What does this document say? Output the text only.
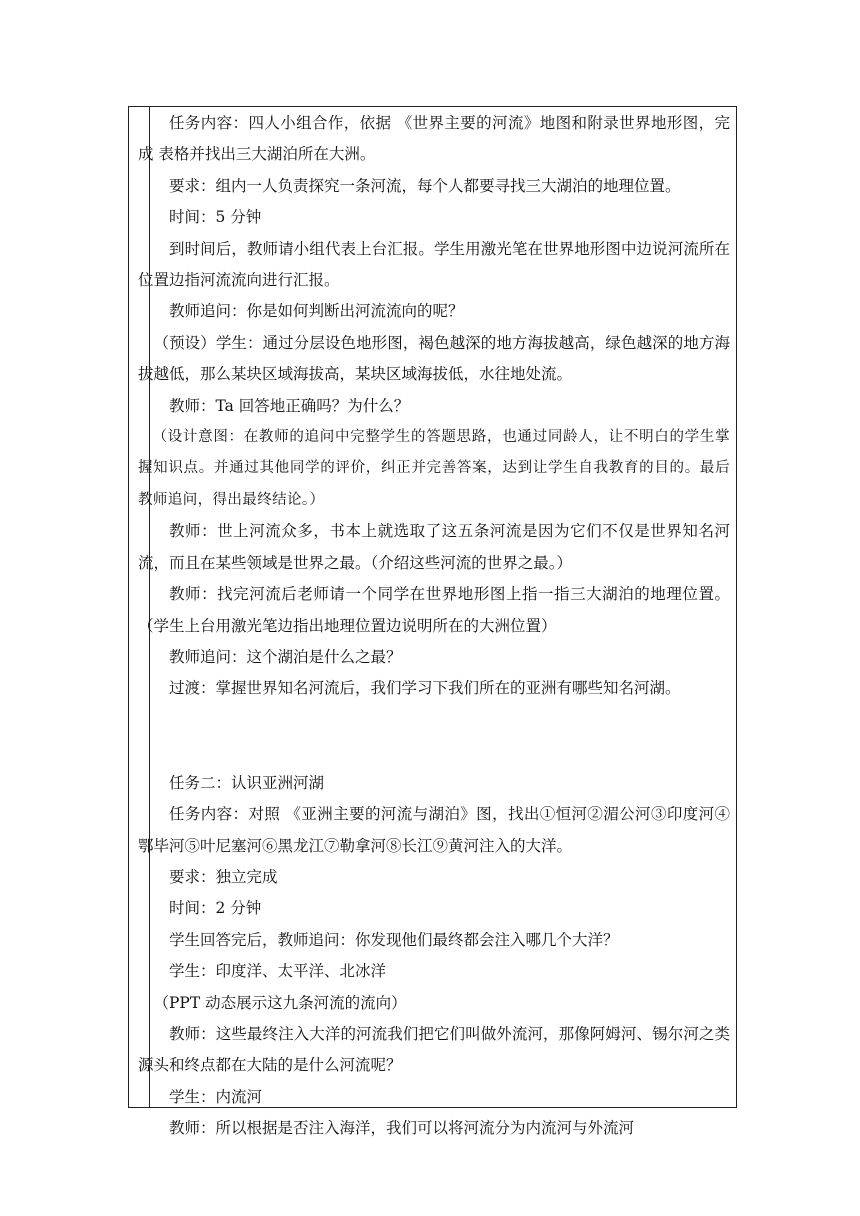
任务内容：四人小组合作，依据 《世界主要的河流》地图和附录世界地形图，完成 表格并找出三大湖泊所在大洲。

要求：组内一人负责探究一条河流，每个人都要寻找三大湖泊的地理位置。

时间：5 分钟

到时间后，教师请小组代表上台汇报。学生用激光笔在世界地形图中边说河流所在位置边指河流流向进行汇报。

教师追问：你是如何判断出河流流向的呢？

（预设）学生：通过分层设色地形图，褐色越深的地方海拔越高，绿色越深的地方海拔越低，那么某块区域海拔高，某块区域海拔低，水往地处流。

教师：Ta 回答地正确吗？为什么？

（设计意图：在教师的追问中完整学生的答题思路，也通过同龄人，让不明白的学生掌握知识点。并通过其他同学的评价，纠正并完善答案，达到让学生自我教育的目的。最后教师追问，得出最终结论。）

教师：世上河流众多，书本上就选取了这五条河流是因为它们不仅是世界知名河流，而且在某些领域是世界之最。（介绍这些河流的世界之最。）

教师：找完河流后老师请一个同学在世界地形图上指一指三大湖泊的地理位置。（学生上台用激光笔边指出地理位置边说明所在的大洲位置）

教师追问：这个湖泊是什么之最？

过渡：掌握世界知名河流后，我们学习下我们所在的亚洲有哪些知名河湖。

任务二：认识亚洲河湖

任务内容：对照 《亚洲主要的河流与湖泊》图，找出①恒河②湄公河③印度河④鄂毕河⑤叶尼塞河⑥黑龙江⑦勒拿河⑧长江⑨黄河注入的大洋。

要求：独立完成

时间：2 分钟

学生回答完后，教师追问：你发现他们最终都会注入哪几个大洋？

学生：印度洋、太平洋、北冰洋

（PPT 动态展示这九条河流的流向）

教师：这些最终注入大洋的河流我们把它们叫做外流河，那像阿姆河、锡尔河之类源头和终点都在大陆的是什么河流呢？

学生：内流河

教师：所以根据是否注入海洋，我们可以将河流分为内流河与外流河
